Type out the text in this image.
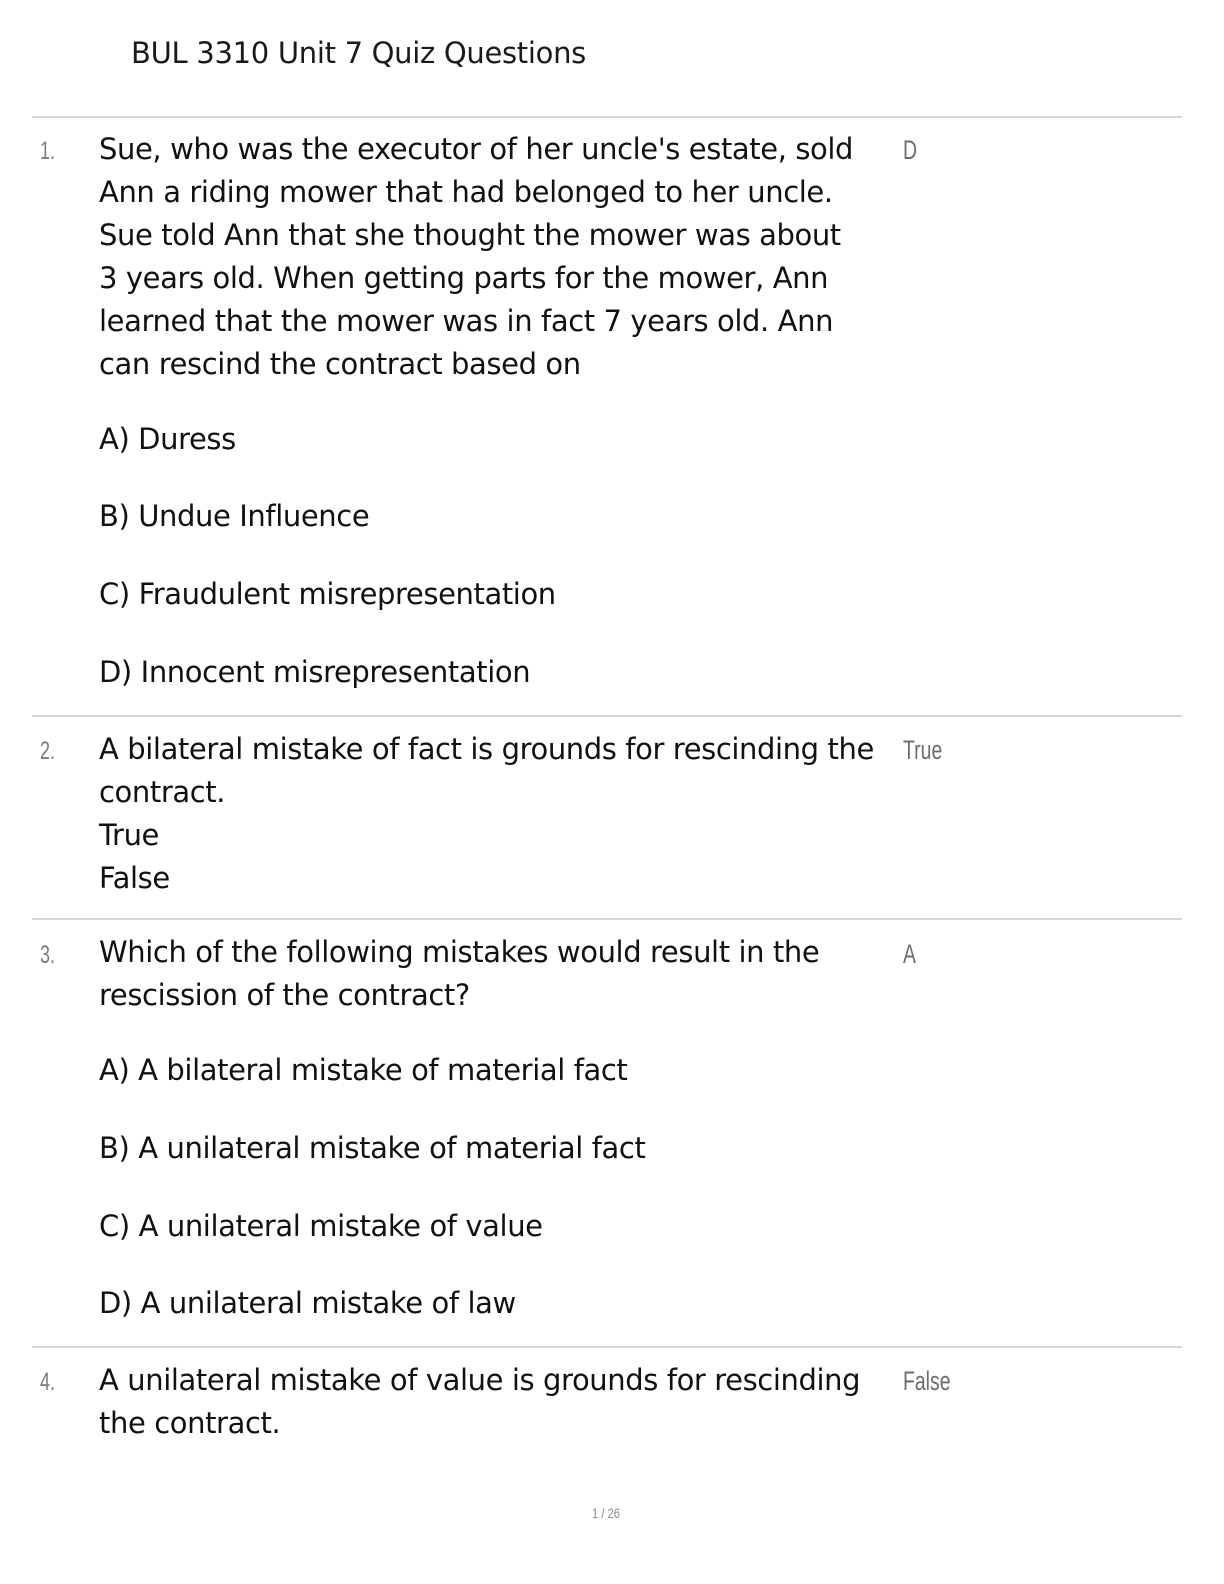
BUL 3310 Unit 7 Quiz Questions
1. Sue, who was the executor of her uncle's estate, sold
Ann a riding mower that had belonged to her uncle.
Sue told Ann that she thought the mower was about
3 years old. When getting parts for the mower, Ann
learned that the mower was in fact 7 years old. Ann
can rescind the contract based on
D
A) Duress
B) Undue Influence
C) Fraudulent misrepresentation
D) Innocent misrepresentation
2. A bilateral mistake of fact is grounds for rescinding the
contract.
True
False
True
3. Which of the following mistakes would result in the
rescission of the contract?
A
A) A bilateral mistake of material fact
B) A unilateral mistake of material fact
C) A unilateral mistake of value
D) A unilateral mistake of law
4. A unilateral mistake of value is grounds for rescinding
the contract.
False
1 / 26
